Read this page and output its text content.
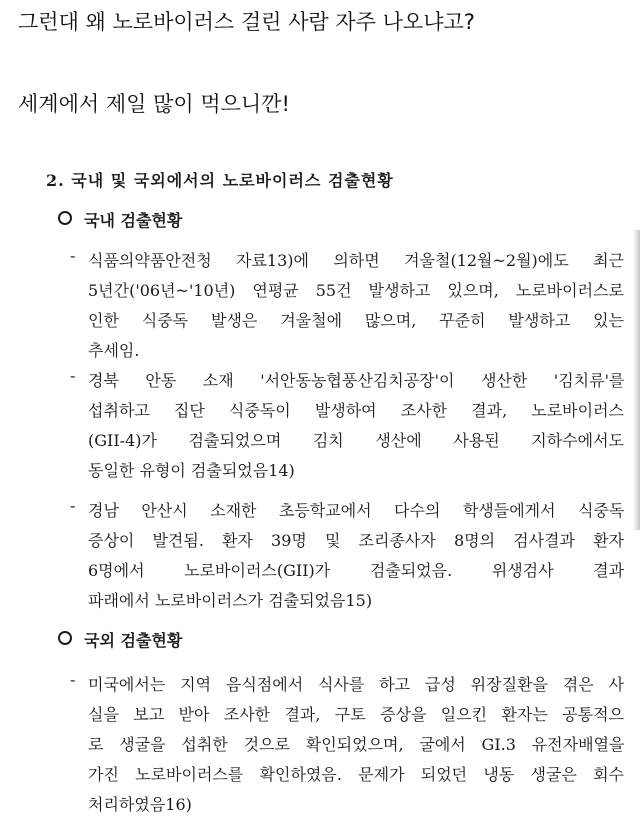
그런대 왜 노로바이러스 걸린 사람 자주 나오냐고?
세계에서 제일 많이 먹으니깐!
2. 국내 및 국외에서의 노로바이러스 검출현황
국내 검출현황
- 식품의약품안전청 자료13)에 의하면 겨울철(12월~2월)에도 최근
5년간('06년~'10년) 연평균 55건 발생하고 있으며, 노로바이러스로
인한 식중독 발생은 겨울철에 많으며, 꾸준히 발생하고 있는
추세임.
- 경북 안동 소재 '서안동농협풍산김치공장'이 생산한 '김치류'를
섭취하고 집단 식중독이 발생하여 조사한 결과, 노로바이러스
(GII-4)가 검출되었으며 김치 생산에 사용된 지하수에서도
동일한 유형이 검출되었음14)
- 경남 안산시 소재한 초등학교에서 다수의 학생들에게서 식중독
증상이 발견됨. 환자 39명 및 조리종사자 8명의 검사결과 환자
6명에서 노로바이러스(GII)가 검출되었음. 위생검사 결과
파래에서 노로바이러스가 검출되었음15)
국외 검출현황
- 미국에서는 지역 음식점에서 식사를 하고 급성 위장질환을 겪은 사
실을 보고 받아 조사한 결과, 구토 증상을 일으킨 환자는 공통적으
로 생굴을 섭취한 것으로 확인되었으며, 굴에서 GI.3 유전자배열을
가진 노로바이러스를 확인하였음. 문제가 되었던 냉동 생굴은 회수
처리하였음16)
